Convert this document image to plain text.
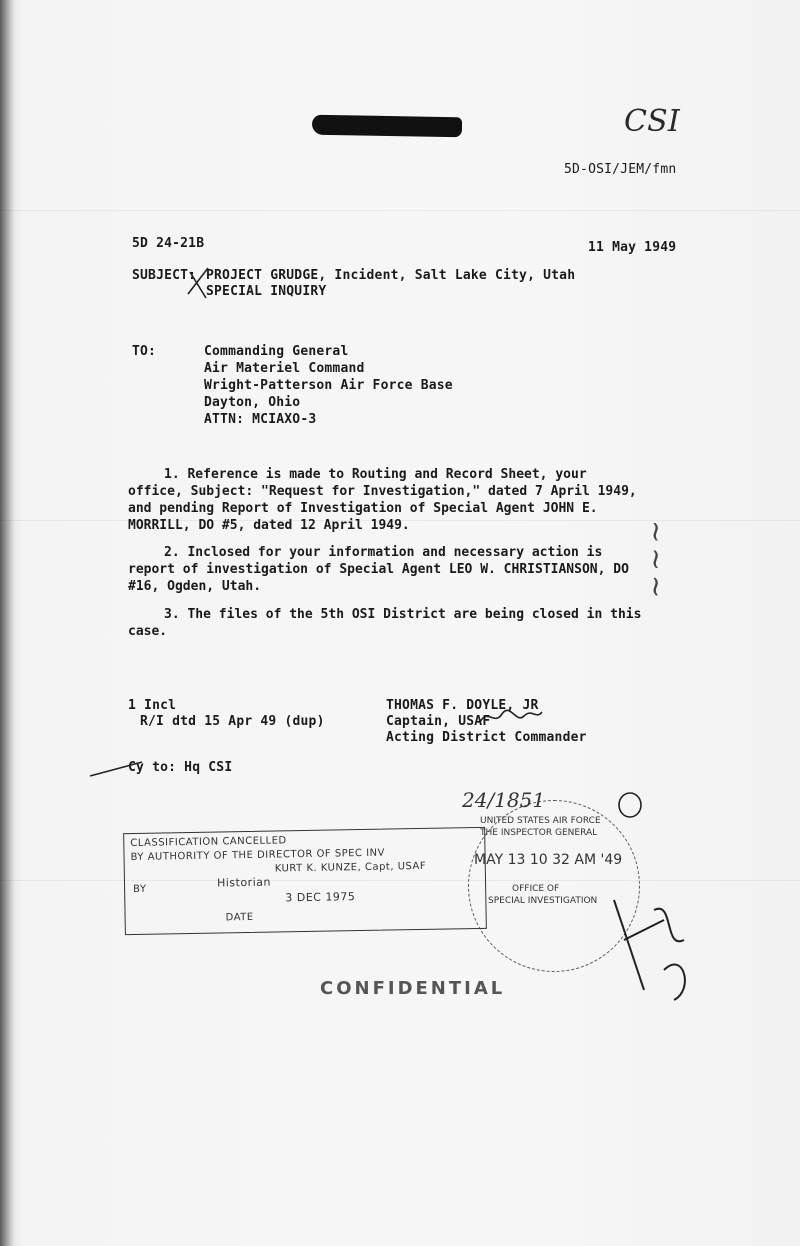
CSI
5D-OSI/JEM/fmn
5D 24-21B	11 May 1949
SUBJECT: PROJECT GRUDGE, Incident, Salt Lake City, Utah
SPECIAL INQUIRY
TO:	Commanding General
Air Materiel Command
Wright-Patterson Air Force Base
Dayton, Ohio
ATTN: MCIAXO-3
1. Reference is made to Routing and Record Sheet, your office, Subject: "Request for Investigation," dated 7 April 1949, and pending Report of Investigation of Special Agent JOHN E. MORRILL, DO #5, dated 12 April 1949.
2. Inclosed for your information and necessary action is report of investigation of Special Agent LEO W. CHRISTIANSON, DO #16, Ogden, Utah.
3. The files of the 5th OSI District are being closed in this case.
1 Incl
R/I dtd 15 Apr 49 (dup)
THOMAS F. DOYLE, JR
Captain, USAF
Acting District Commander
Cy to: Hq CSI
CLASSIFICATION CANCELLED
BY AUTHORITY OF THE DIRECTOR OF SPEC INV
KURT K. KUNZE, Capt, USAF
BY	Historian
3 DEC 1975
DATE
24/1851
UNITED STATES AIR FORCE
THE INSPECTOR GENERAL
MAY 13 10 32 AM '49
OFFICE OF
SPECIAL INVESTIGATION
~~~
CONFIDENTIAL
